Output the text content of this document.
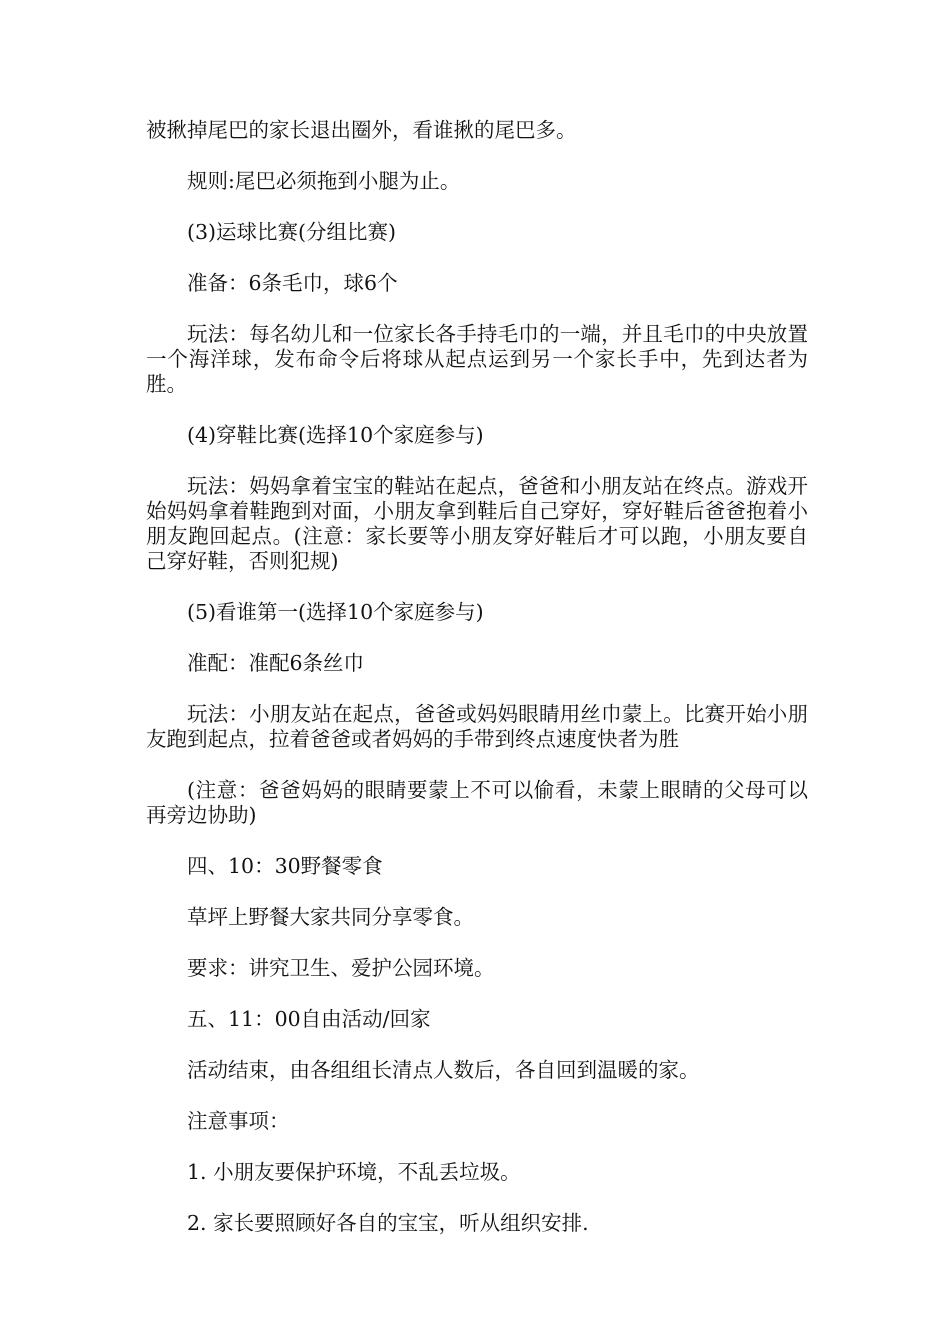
被揪掉尾巴的家长退出圈外，看谁揪的尾巴多。

规则:尾巴必须拖到小腿为止。

(3)运球比赛(分组比赛)

准备：6条毛巾，球6个

玩法：每名幼儿和一位家长各手持毛巾的一端，并且毛巾的中央放置一个海洋球，发布命令后将球从起点运到另一个家长手中，先到达者为胜。

(4)穿鞋比赛(选择10个家庭参与)

玩法：妈妈拿着宝宝的鞋站在起点，爸爸和小朋友站在终点。游戏开始妈妈拿着鞋跑到对面，小朋友拿到鞋后自己穿好，穿好鞋后爸爸抱着小朋友跑回起点。(注意：家长要等小朋友穿好鞋后才可以跑，小朋友要自己穿好鞋，否则犯规)

(5)看谁第一(选择10个家庭参与)

准配：准配6条丝巾

玩法：小朋友站在起点，爸爸或妈妈眼睛用丝巾蒙上。比赛开始小朋友跑到起点，拉着爸爸或者妈妈的手带到终点速度快者为胜

(注意：爸爸妈妈的眼睛要蒙上不可以偷看，未蒙上眼睛的父母可以再旁边协助)

四、10：30野餐零食

草坪上野餐大家共同分享零食。

要求：讲究卫生、爱护公园环境。

五、11：00自由活动/回家

活动结束，由各组组长清点人数后，各自回到温暖的家。

注意事项：

1. 小朋友要保护环境，不乱丢垃圾。

2. 家长要照顾好各自的宝宝，听从组织安排.
